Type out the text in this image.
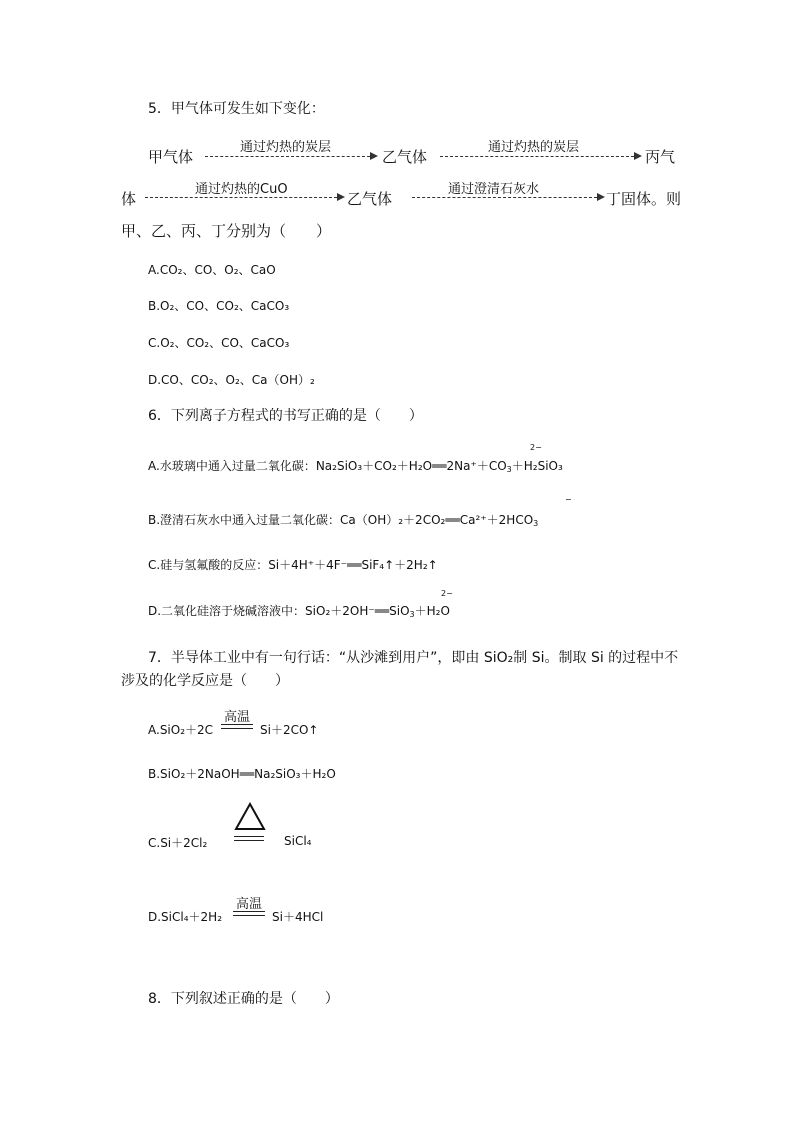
5．甲气体可发生如下变化：
甲气体
通过灼热的炭层
乙气体
通过灼热的炭层
丙气
体
通过灼热的CuO
乙气体
通过澄清石灰水
丁固体。则
甲、乙、丙、丁分别为（　　）
A.CO₂、CO、O₂、CaO
B.O₂、CO、CO₂、CaCO₃
C.O₂、CO₂、CO、CaCO₃
D.CO、CO₂、O₂、Ca（OH）₂
6．下列离子方程式的书写正确的是（　　）
2−
A.水玻璃中通入过量二氧化碳：$Na_2SiO_3+CO_2+H_2O══2Na^++CO_3+H_2SiO_3$
−
B.澄清石灰水中通入过量二氧化碳：$Ca(OH)_2+2CO_2══Ca^{2+}+2HCO_3$
C.硅与氢氟酸的反应：Si＋4H⁺＋4F⁻══SiF₄↑＋2H₂↑
2−
D.二氧化硅溶于烧碱溶液中：SiO₂＋2OH⁻══SiO$_3$＋H₂O
7．半导体工业中有一句行话：“从沙滩到用户”，即由 SiO₂制 Si。制取 Si 的过程中不
涉及的化学反应是（　　）
A.SiO₂＋2C
高温
Si＋2CO↑
B.SiO₂＋2NaOH══Na₂SiO₃＋H₂O
C.Si＋2Cl₂	SiCl₄
D.SiCl₄＋2H₂
高温
Si＋4HCl
8．下列叙述正确的是（　　）
